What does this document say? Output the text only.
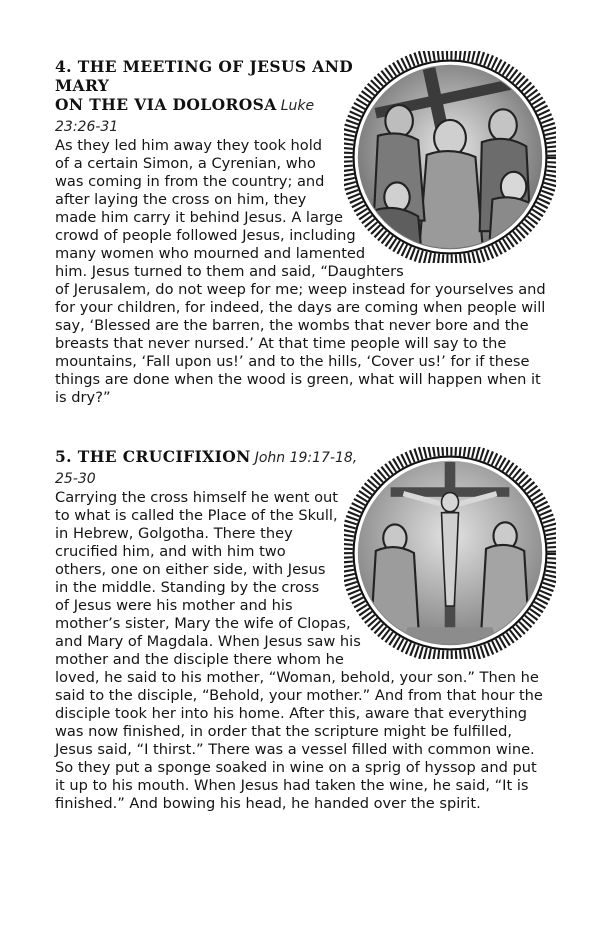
4. THE MEETING OF JESUS AND MARY
ON THE VIA DOLOROSA Luke 23:26-31

As they led him away they took hold of a certain Simon, a Cyrenian, who was coming in from the country; and after laying the cross on him, they made him carry it behind Jesus. A large crowd of people followed Jesus, including many women who mourned and lamented him. Jesus turned to them and said, “Daughters of Jerusalem, do not weep for me; weep instead for yourselves and for your children, for indeed, the days are coming when people will say, ‘Blessed are the barren, the wombs that never bore and the breasts that never nursed.’ At that time people will say to the mountains, ‘Fall upon us!’ and to the hills, ‘Cover us!’ for if these things are done when the wood is green, what will happen when it is dry?”

5. THE CRUCIFIXION John 19:17-18, 25-30

Carrying the cross himself he went out to what is called the Place of the Skull, in Hebrew, Golgotha. There they crucified him, and with him two others, one on either side, with Jesus in the middle. Standing by the cross of Jesus were his mother and his mother’s sister, Mary the wife of Clopas, and Mary of Magdala. When Jesus saw his mother and the disciple there whom he loved, he said to his mother, “Woman, behold, your son.” Then he said to the disciple, “Behold, your mother.” And from that hour the disciple took her into his home. After this, aware that everything was now finished, in order that the scripture might be fulfilled, Jesus said, “I thirst.” There was a vessel filled with common wine. So they put a sponge soaked in wine on a sprig of hyssop and put it up to his mouth. When Jesus had taken the wine, he said, “It is finished.” And bowing his head, he handed over the spirit.
